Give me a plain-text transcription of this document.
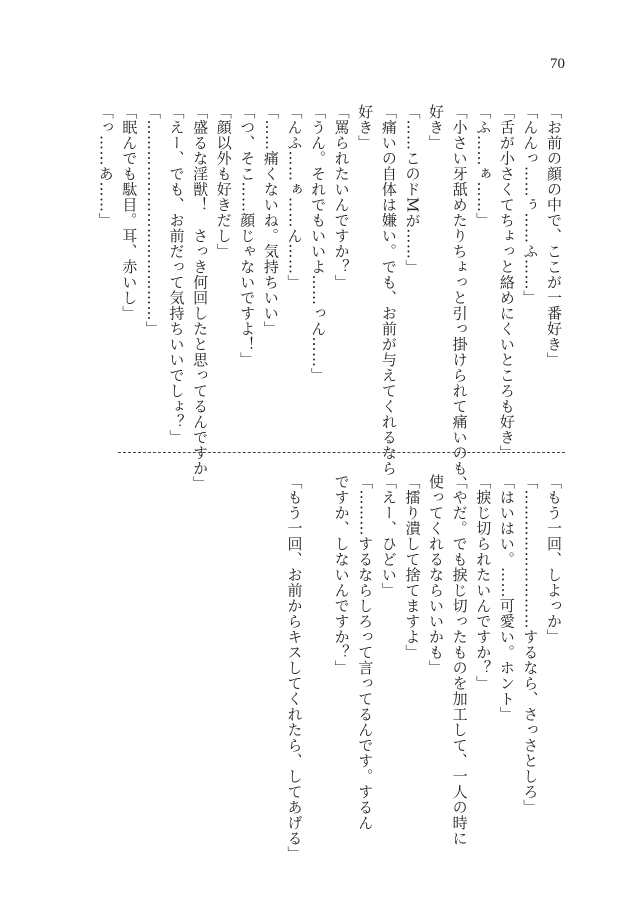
70
「お前の顔の中で、ここが一番好き」
「んんっ……ぅ……ふ……」
「舌が小さくてちょっと絡めにくいところも好き」
「ふ……ぁ……」
「小さい牙舐めたりちょっと引っ掛けられて痛いのも、
好き」
「……このドMが……」
「痛いの自体は嫌い。でも、お前が与えてくれるなら
好き」
「罵られたいんですか？」
「うん。それでもいいよ……っん……」
「んふ……ぁ……ん……」
「……痛くないね。気持ちいい」
「つ、そこ……顔じゃないですよ！」
「顔以外も好きだし」
「盛るな淫獣！　さっき何回したと思ってるんですか」
「えー、でも、お前だって気持ちいいでしょ？」
「…………………………………」
「眠んでも駄目。耳、赤いし」
「っ……あ……」
「もう一回、しよっか」
「………………………するなら、さっさとしろ」
「はいはい。……可愛い。ホント」
「捩じ切られたいんですか？」
「やだ。でも捩じ切ったものを加工して、一人の時に
使ってくれるならいいかも」
「擂り潰して捨てますよ」
「えー、ひどい」
「………するならしろって言ってるんです。するん
ですか、しないんですか？」

「もう一回、お前からキスしてくれたら、してあげる」
